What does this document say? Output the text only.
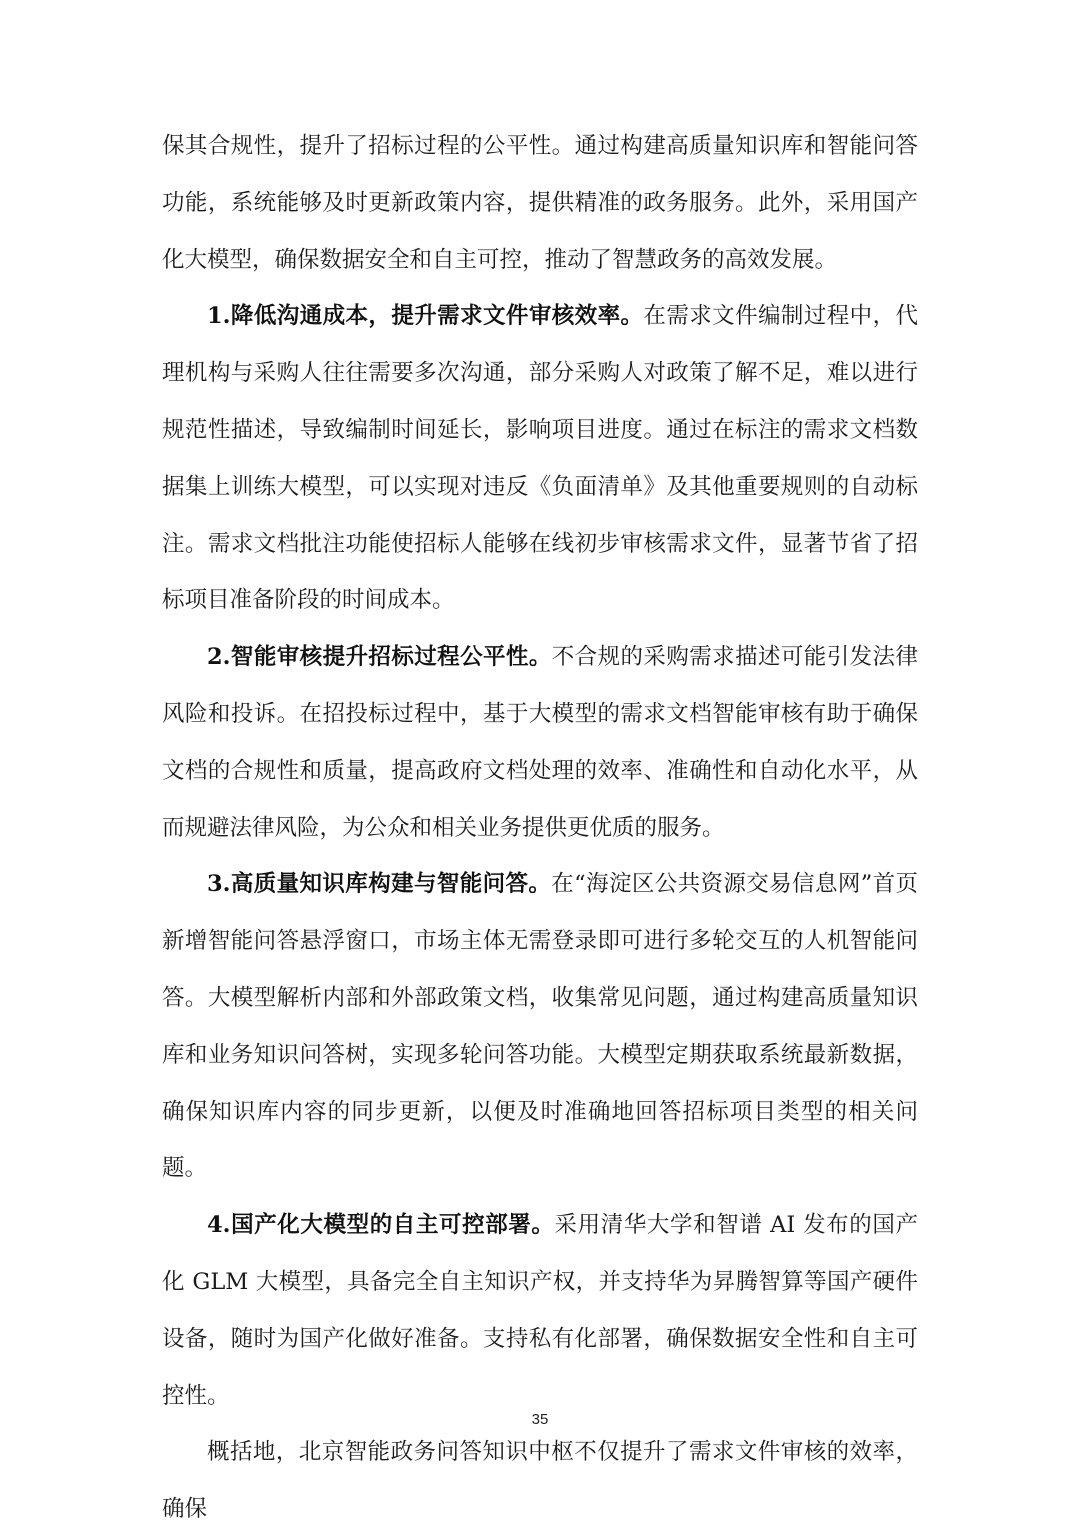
保其合规性，提升了招标过程的公平性。通过构建高质量知识库和智能问答功能，系统能够及时更新政策内容，提供精准的政务服务。此外，采用国产化大模型，确保数据安全和自主可控，推动了智慧政务的高效发展。

1.降低沟通成本，提升需求文件审核效率。在需求文件编制过程中，代理机构与采购人往往需要多次沟通，部分采购人对政策了解不足，难以进行规范性描述，导致编制时间延长，影响项目进度。通过在标注的需求文档数据集上训练大模型，可以实现对违反《负面清单》及其他重要规则的自动标注。需求文档批注功能使招标人能够在线初步审核需求文件，显著节省了招标项目准备阶段的时间成本。

2.智能审核提升招标过程公平性。不合规的采购需求描述可能引发法律风险和投诉。在招投标过程中，基于大模型的需求文档智能审核有助于确保文档的合规性和质量，提高政府文档处理的效率、准确性和自动化水平，从而规避法律风险，为公众和相关业务提供更优质的服务。

3.高质量知识库构建与智能问答。在“海淀区公共资源交易信息网”首页新增智能问答悬浮窗口，市场主体无需登录即可进行多轮交互的人机智能问答。大模型解析内部和外部政策文档，收集常见问题，通过构建高质量知识库和业务知识问答树，实现多轮问答功能。大模型定期获取系统最新数据，确保知识库内容的同步更新，以便及时准确地回答招标项目类型的相关问题。

4.国产化大模型的自主可控部署。采用清华大学和智谱 AI 发布的国产化 GLM 大模型，具备完全自主知识产权，并支持华为昇腾智算等国产硬件设备，随时为国产化做好准备。支持私有化部署，确保数据安全性和自主可控性。

概括地，北京智能政务问答知识中枢不仅提升了需求文件审核的效率，确保

35
